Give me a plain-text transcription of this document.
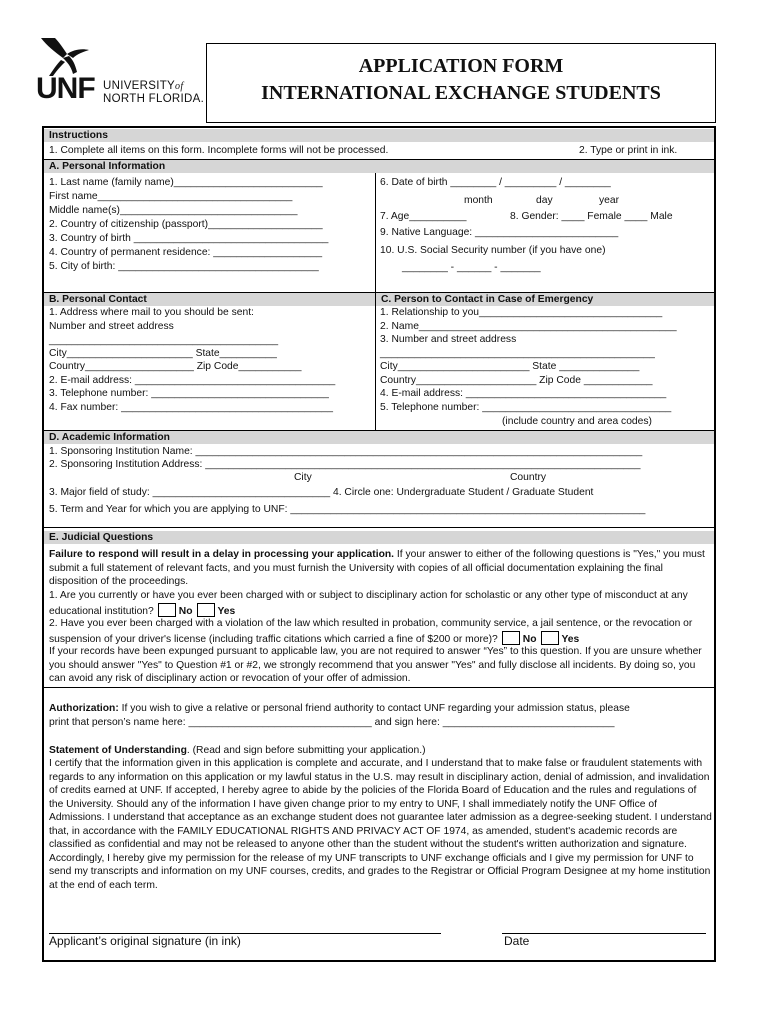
UNF UNIVERSITYof
NORTH FLORIDA.
APPLICATION FORM
INTERNATIONAL EXCHANGE STUDENTS
Instructions
1. Complete all items on this form. Incomplete forms will not be processed.	2. Type or print in ink.
A. Personal Information
1. Last name (family name)__________________________
First name__________________________________
Middle name(s)_______________________________
2. Country of citizenship (passport)____________________
3. Country of birth __________________________________
4. Country of permanent residence: ___________________
5. City of birth: ___________________________________
6. Date of birth ________ / _________ / ________
month	day	year
7. Age__________	8. Gender: ____ Female ____ Male
9. Native Language: _________________________
10. U.S. Social Security number (if you have one)
________ - ______ - _______
B. Personal Contact	C. Person to Contact in Case of Emergency
1. Address where mail to you should be sent:
Number and street address
________________________________________
City______________________ State__________
Country___________________ Zip Code___________
2. E-mail address: ___________________________________
3. Telephone number: _______________________________
4. Fax number: _____________________________________
1. Relationship to you________________________________
2. Name_____________________________________________
3. Number and street address
________________________________________________
City_______________________ State ______________
Country_____________________ Zip Code ____________
4. E-mail address: ___________________________________
5. Telephone number: _________________________________
(include country and area codes)
D. Academic Information
1. Sponsoring Institution Name: ______________________________________________________________________________
2. Sponsoring Institution Address: ____________________________________________________________________________
City	Country
3. Major field of study: _______________________________ 4. Circle one: Undergraduate Student / Graduate Student
5. Term and Year for which you are applying to UNF: ______________________________________________________________
E. Judicial Questions
Failure to respond will result in a delay in processing your application. If your answer to either of the following questions is "Yes," you must submit a full statement of relevant facts, and you must furnish the University with copies of all official documentation explaining the final disposition of the proceedings.
1. Are you currently or have you ever been charged with or subject to disciplinary action for scholastic or any other type of misconduct at any educational institution? No Yes
2. Have you ever been charged with a violation of the law which resulted in probation, community service, a jail sentence, or the revocation or suspension of your driver's license (including traffic citations which carried a fine of $200 or more)? No Yes
If your records have been expunged pursuant to applicable law, you are not required to answer “Yes” to this question. If you are unsure whether you should answer "Yes" to Question #1 or #2, we strongly recommend that you answer "Yes" and fully disclose all incidents. By doing so, you can avoid any risk of disciplinary action or revocation of your offer of admission.
Authorization: If you wish to give a relative or personal friend authority to contact UNF regarding your admission status, please
print that person’s name here: ________________________________ and sign here: ______________________________
Statement of Understanding. (Read and sign before submitting your application.)
I certify that the information given in this application is complete and accurate, and I understand that to make false or fraudulent statements with regards to any information on this application or my lawful status in the U.S. may result in disciplinary action, denial of admission, and invalidation of credits earned at UNF. If accepted, I hereby agree to abide by the policies of the Florida Board of Education and the rules and regulations of the University. Should any of the information I have given change prior to my entry to UNF, I shall immediately notify the UNF Office of Admissions. I understand that acceptance as an exchange student does not guarantee later admission as a degree-seeking student. I understand that, in accordance with the FAMILY EDUCATIONAL RIGHTS AND PRIVACY ACT OF 1974, as amended, student's academic records are classified as confidential and may not be released to anyone other than the student without the student's written authorization and signature. Accordingly, I hereby give my permission for the release of my UNF transcripts to UNF exchange officials and I give my permission for UNF to send my transcripts and information on my UNF courses, credits, and grades to the Registrar or Official Program Designee at my home institution at the end of each term.
Applicant’s original signature (in ink)	Date
